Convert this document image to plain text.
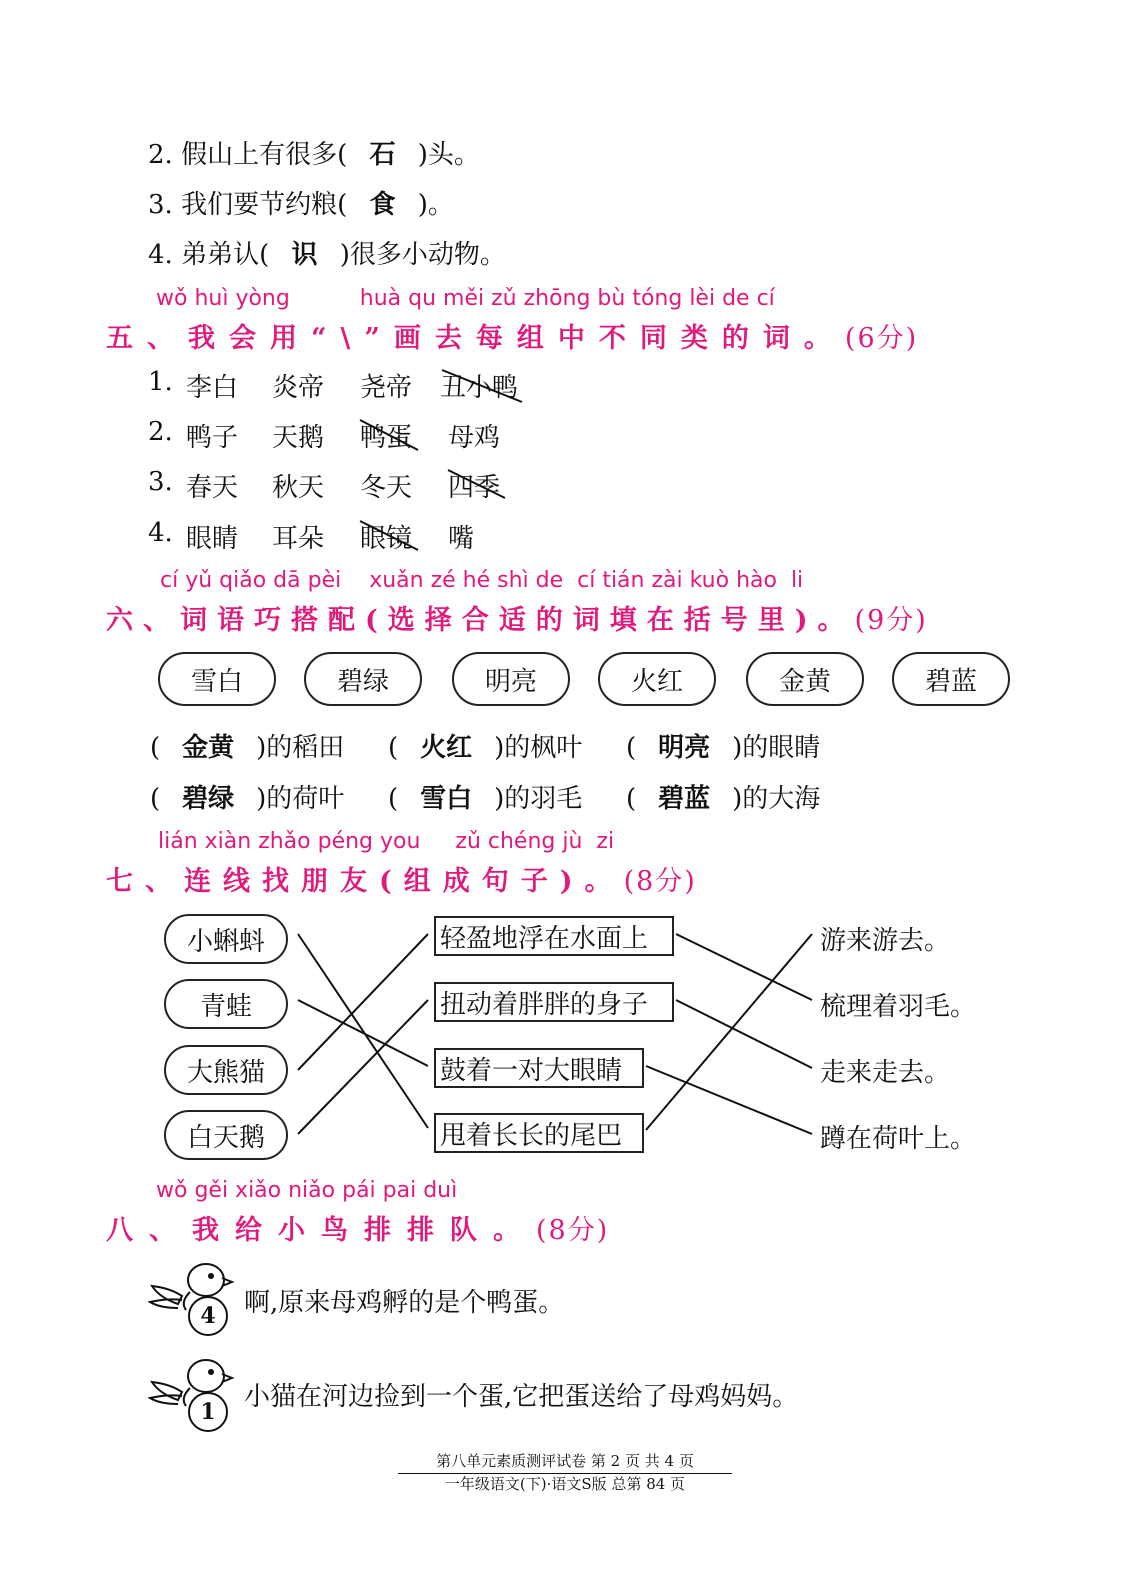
2. 假山上有很多( 石 )头。
3. 我们要节约粮( 食 )。
4. 弟弟认( 识 )很多小动物。
wǒ huì yòng          huà qu měi zǔ zhōng bù tóng lèi de cí
五、我会用“\”画去每组中不同类的词。(6分)
1. 李白 炎帝 尧帝 丑小鸭
2. 鸭子 天鹅 鸭蛋 母鸡
3. 春天 秋天 冬天 四季
4. 眼睛 耳朵 眼镜 嘴
cí yǔ qiǎo dā pèi    xuǎn zé hé shì de  cí tián zài kuò hào  li
六、词语巧搭配(选择合适的词填在括号里)。(9分)
雪白	碧绿	明亮	火红	金黄	碧蓝
( 金黄 )的稻田 ( 火红 )的枫叶 ( 明亮 )的眼睛
( 碧绿 )的荷叶 ( 雪白 )的羽毛 ( 碧蓝 )的大海
lián xiàn zhǎo péng you     zǔ chéng jù  zi
七、连线找朋友(组成句子)。(8分)
小蝌蚪
青蛙
大熊猫
白天鹅
轻盈地浮在水面上
扭动着胖胖的身子
鼓着一对大眼睛
甩着长长的尾巴
游来游去。
梳理着羽毛。
走来走去。
蹲在荷叶上。
wǒ gěi xiǎo niǎo pái pai duì
八、我给小鸟排排队。(8分)
4	啊,原来母鸡孵的是个鸭蛋。
1	小猫在河边捡到一个蛋,它把蛋送给了母鸡妈妈。
第八单元素质测评试卷 第 2 页 共 4 页
一年级语文(下)·语文S版 总第 84 页
